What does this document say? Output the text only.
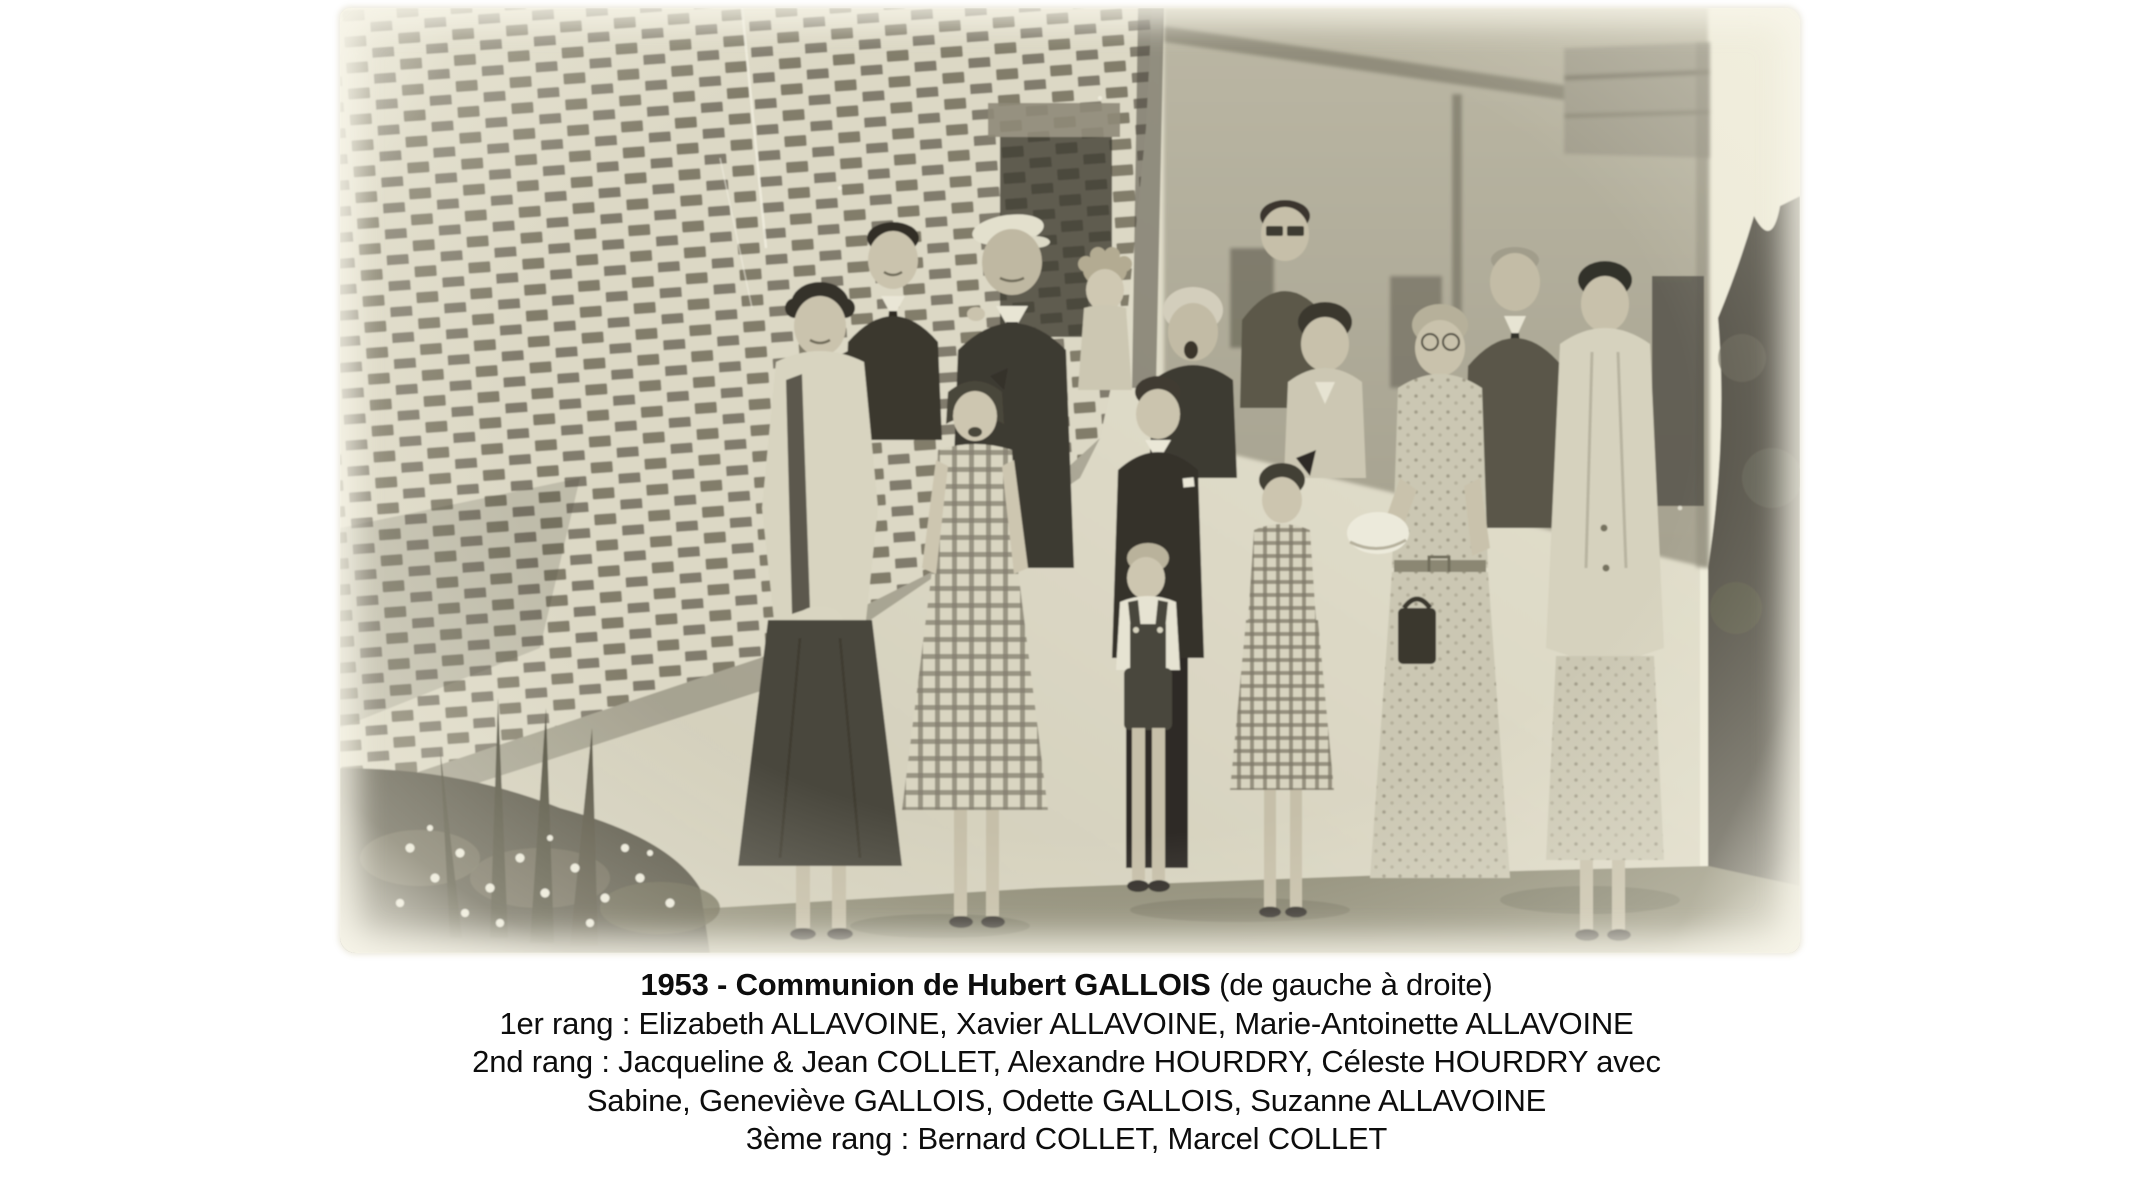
1953 - Communion de Hubert GALLOIS (de gauche à droite)
1er rang : Elizabeth ALLAVOINE, Xavier ALLAVOINE, Marie-Antoinette ALLAVOINE
2nd rang : Jacqueline & Jean COLLET, Alexandre HOURDRY, Céleste HOURDRY avec
Sabine, Geneviève GALLOIS, Odette GALLOIS, Suzanne ALLAVOINE
3ème rang : Bernard COLLET, Marcel COLLET
